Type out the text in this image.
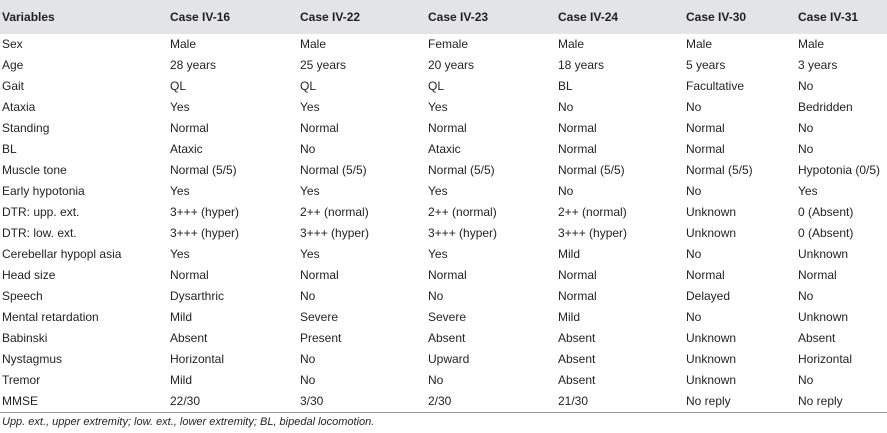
Variables	Case IV-16	Case IV-22	Case IV-23	Case IV-24	Case IV-30	Case IV-31
Sex	Male	Male	Female	Male	Male	Male
Age	28 years	25 years	20 years	18 years	5 years	3 years
Gait	QL	QL	QL	BL	Facultative	No
Ataxia	Yes	Yes	Yes	No	No	Bedridden
Standing	Normal	Normal	Normal	Normal	Normal	No
BL	Ataxic	No	Ataxic	Normal	Normal	No
Muscle tone	Normal (5/5)	Normal (5/5)	Normal (5/5)	Normal (5/5)	Normal (5/5)	Hypotonia (0/5)
Early hypotonia	Yes	Yes	Yes	No	No	Yes
DTR: upp. ext.	3+++ (hyper)	2++ (normal)	2++ (normal)	2++ (normal)	Unknown	0 (Absent)
DTR: low. ext.	3+++ (hyper)	3+++ (hyper)	3+++ (hyper)	3+++ (hyper)	Unknown	0 (Absent)
Cerebellar hypopl asia	Yes	Yes	Yes	Mild	No	Unknown
Head size	Normal	Normal	Normal	Normal	Normal	Normal
Speech	Dysarthric	No	No	Normal	Delayed	No
Mental retardation	Mild	Severe	Severe	Mild	No	Unknown
Babinski	Absent	Present	Absent	Absent	Unknown	Absent
Nystagmus	Horizontal	No	Upward	Absent	Unknown	Horizontal
Tremor	Mild	No	No	Absent	Unknown	No
MMSE	22/30	3/30	2/30	21/30	No reply	No reply
Upp. ext., upper extremity; low. ext., lower extremity; BL, bipedal locomotion.
